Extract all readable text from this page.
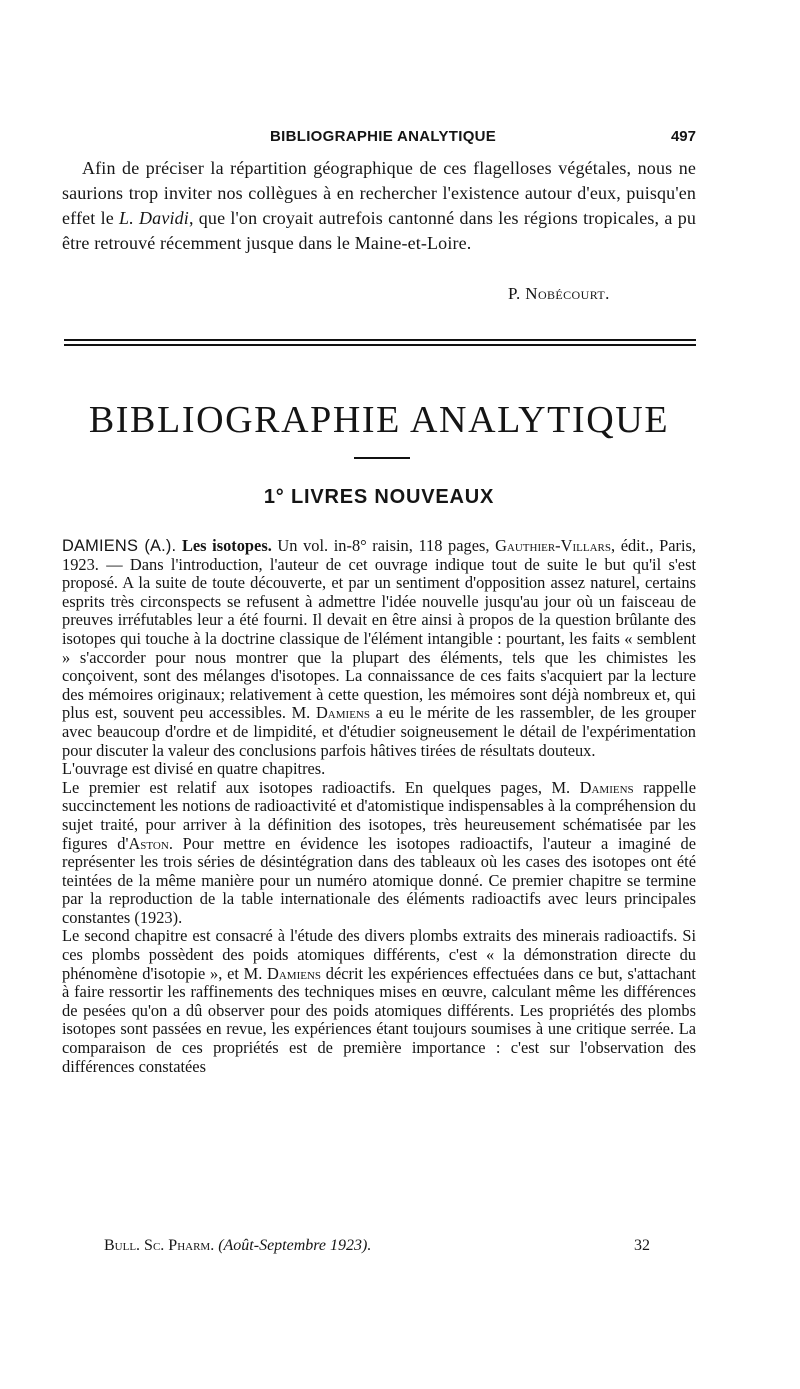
BIBLIOGRAPHIE ANALYTIQUE	497

Afin de préciser la répartition géographique de ces flagelloses végétales, nous ne saurions trop inviter nos collègues à en rechercher l'existence autour d'eux, puisqu'en effet le L. Davidi, que l'on croyait autrefois cantonné dans les régions tropicales, a pu être retrouvé récemment jusque dans le Maine-et-Loire.

P. Nobécourt.
BIBLIOGRAPHIE ANALYTIQUE
1° LIVRES NOUVEAUX

DAMIENS (A.). Les isotopes. Un vol. in-8° raisin, 118 pages, Gauthier-Villars, édit., Paris, 1923. — Dans l'introduction, l'auteur de cet ouvrage indique tout de suite le but qu'il s'est proposé. A la suite de toute découverte, et par un sentiment d'opposition assez naturel, certains esprits très circonspects se refusent à admettre l'idée nouvelle jusqu'au jour où un faisceau de preuves irréfutables leur a été fourni. Il devait en être ainsi à propos de la question brûlante des isotopes qui touche à la doctrine classique de l'élément intangible : pourtant, les faits « semblent » s'accorder pour nous montrer que la plupart des éléments, tels que les chimistes les conçoivent, sont des mélanges d'isotopes. La connaissance de ces faits s'acquiert par la lecture des mémoires originaux; relativement à cette question, les mémoires sont déjà nombreux et, qui plus est, souvent peu accessibles. M. Damiens a eu le mérite de les rassembler, de les grouper avec beaucoup d'ordre et de limpidité, et d'étudier soigneusement le détail de l'expérimentation pour discuter la valeur des conclusions parfois hâtives tirées de résultats douteux.

L'ouvrage est divisé en quatre chapitres.

Le premier est relatif aux isotopes radioactifs. En quelques pages, M. Damiens rappelle succinctement les notions de radioactivité et d'atomistique indispensables à la compréhension du sujet traité, pour arriver à la définition des isotopes, très heureusement schématisée par les figures d'Aston. Pour mettre en évidence les isotopes radioactifs, l'auteur a imaginé de représenter les trois séries de désintégration dans des tableaux où les cases des isotopes ont été teintées de la même manière pour un numéro atomique donné. Ce premier chapitre se termine par la reproduction de la table internationale des éléments radioactifs avec leurs principales constantes (1923).

Le second chapitre est consacré à l'étude des divers plombs extraits des minerais radioactifs. Si ces plombs possèdent des poids atomiques différents, c'est « la démonstration directe du phénomène d'isotopie », et M. Damiens décrit les expériences effectuées dans ce but, s'attachant à faire ressortir les raffinements des techniques mises en œuvre, calculant même les différences de pesées qu'on a dû observer pour des poids atomiques différents. Les propriétés des plombs isotopes sont passées en revue, les expériences étant toujours soumises à une critique serrée. La comparaison de ces propriétés est de première importance : c'est sur l'observation des différences constatées

Bull. Sc. Pharm. (Août-Septembre 1923).	32
